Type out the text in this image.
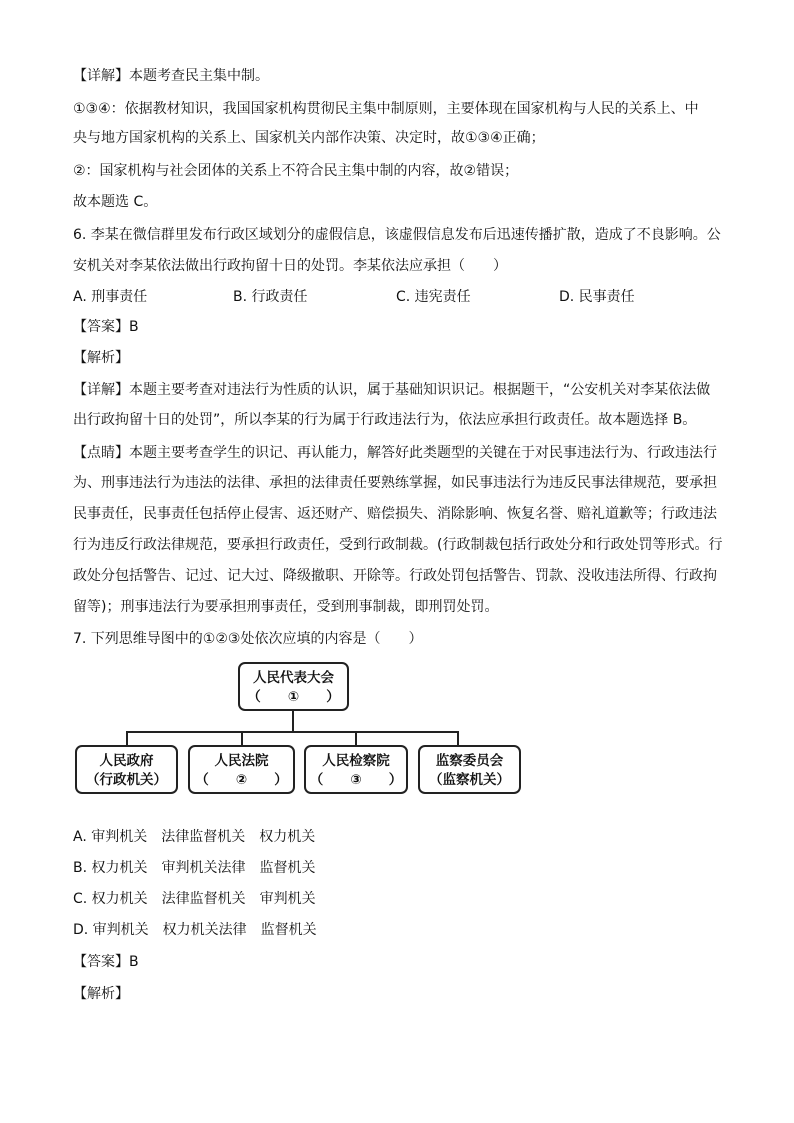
【详解】本题考查民主集中制。
①③④：依据教材知识，我国国家机构贯彻民主集中制原则，主要体现在国家机构与人民的关系上、中
央与地方国家机构的关系上、国家机关内部作决策、决定时，故①③④正确；
②：国家机构与社会团体的关系上不符合民主集中制的内容，故②错误；
故本题选 C。
6. 李某在微信群里发布行政区域划分的虚假信息，该虚假信息发布后迅速传播扩散，造成了不良影响。公
安机关对李某依法做出行政拘留十日的处罚。李某依法应承担（　　）
A. 刑事责任	B. 行政责任	C. 违宪责任	D. 民事责任
【答案】B
【解析】
【详解】本题主要考查对违法行为性质的认识，属于基础知识识记。根据题干，“公安机关对李某依法做
出行政拘留十日的处罚”，所以李某的行为属于行政违法行为，依法应承担行政责任。故本题选择 B。
【点睛】本题主要考查学生的识记、再认能力，解答好此类题型的关键在于对民事违法行为、行政违法行
为、刑事违法行为违法的法律、承担的法律责任要熟练掌握，如民事违法行为违反民事法律规范，要承担
民事责任，民事责任包括停止侵害、返还财产、赔偿损失、消除影响、恢复名誉、赔礼道歉等；行政违法
行为违反行政法律规范，要承担行政责任，受到行政制裁。(行政制裁包括行政处分和行政处罚等形式。行
政处分包括警告、记过、记大过、降级撤职、开除等。行政处罚包括警告、罚款、没收违法所得、行政拘
留等)；刑事违法行为要承担刑事责任，受到刑事制裁，即刑罚处罚。
7. 下列思维导图中的①②③处依次应填的内容是（　　）
人民代表大会
（　　①　　）
人民政府
（行政机关）
人民法院
（　　②　　）
人民检察院
（　　③　　）
监察委员会
（监察机关）
A. 审判机关　法律监督机关　权力机关
B. 权力机关　审判机关法律　监督机关
C. 权力机关　法律监督机关　审判机关
D. 审判机关　权力机关法律　监督机关
【答案】B
【解析】
